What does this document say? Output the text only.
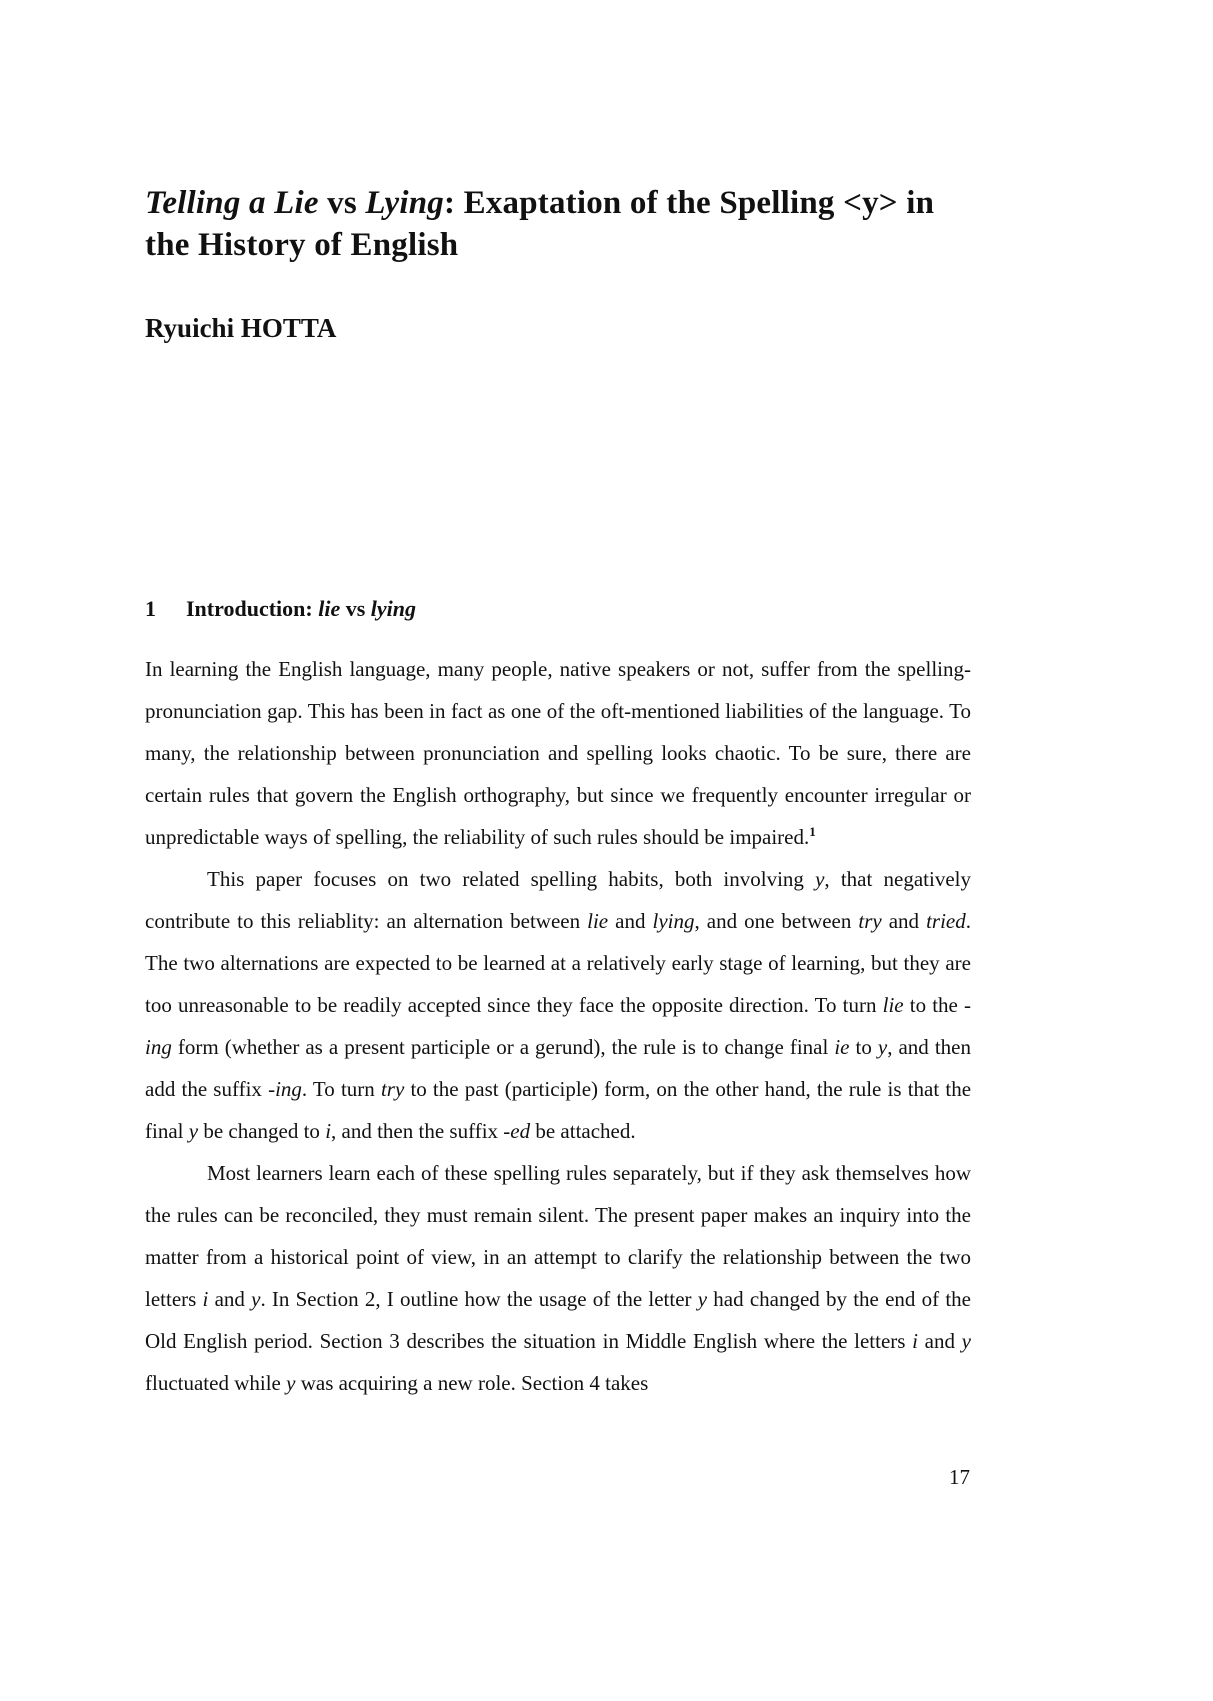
Telling a Lie vs Lying: Exaptation of the Spelling <y> in the History of English
Ryuichi HOTTA
1 Introduction: lie vs lying

In learning the English language, many people, native speakers or not, suffer from the spelling-pronunciation gap. This has been in fact as one of the oft-mentioned liabilities of the language. To many, the relationship between pronunciation and spelling looks chaotic. To be sure, there are certain rules that govern the English orthography, but since we frequently encounter irregular or unpredictable ways of spelling, the reliability of such rules should be impaired.$^1$

This paper focuses on two related spelling habits, both involving y, that negatively contribute to this reliablity: an alternation between lie and lying, and one between try and tried. The two alternations are expected to be learned at a relatively early stage of learning, but they are too unreasonable to be readily accepted since they face the opposite direction. To turn lie to the -ing form (whether as a present participle or a gerund), the rule is to change final ie to y, and then add the suffix -ing. To turn try to the past (participle) form, on the other hand, the rule is that the final y be changed to i, and then the suffix -ed be attached.

Most learners learn each of these spelling rules separately, but if they ask themselves how the rules can be reconciled, they must remain silent. The present paper makes an inquiry into the matter from a historical point of view, in an attempt to clarify the relationship between the two letters i and y. In Section 2, I outline how the usage of the letter y had changed by the end of the Old English period. Section 3 describes the situation in Middle English where the letters i and y fluctuated while y was acquiring a new role. Section 4 takes

17
